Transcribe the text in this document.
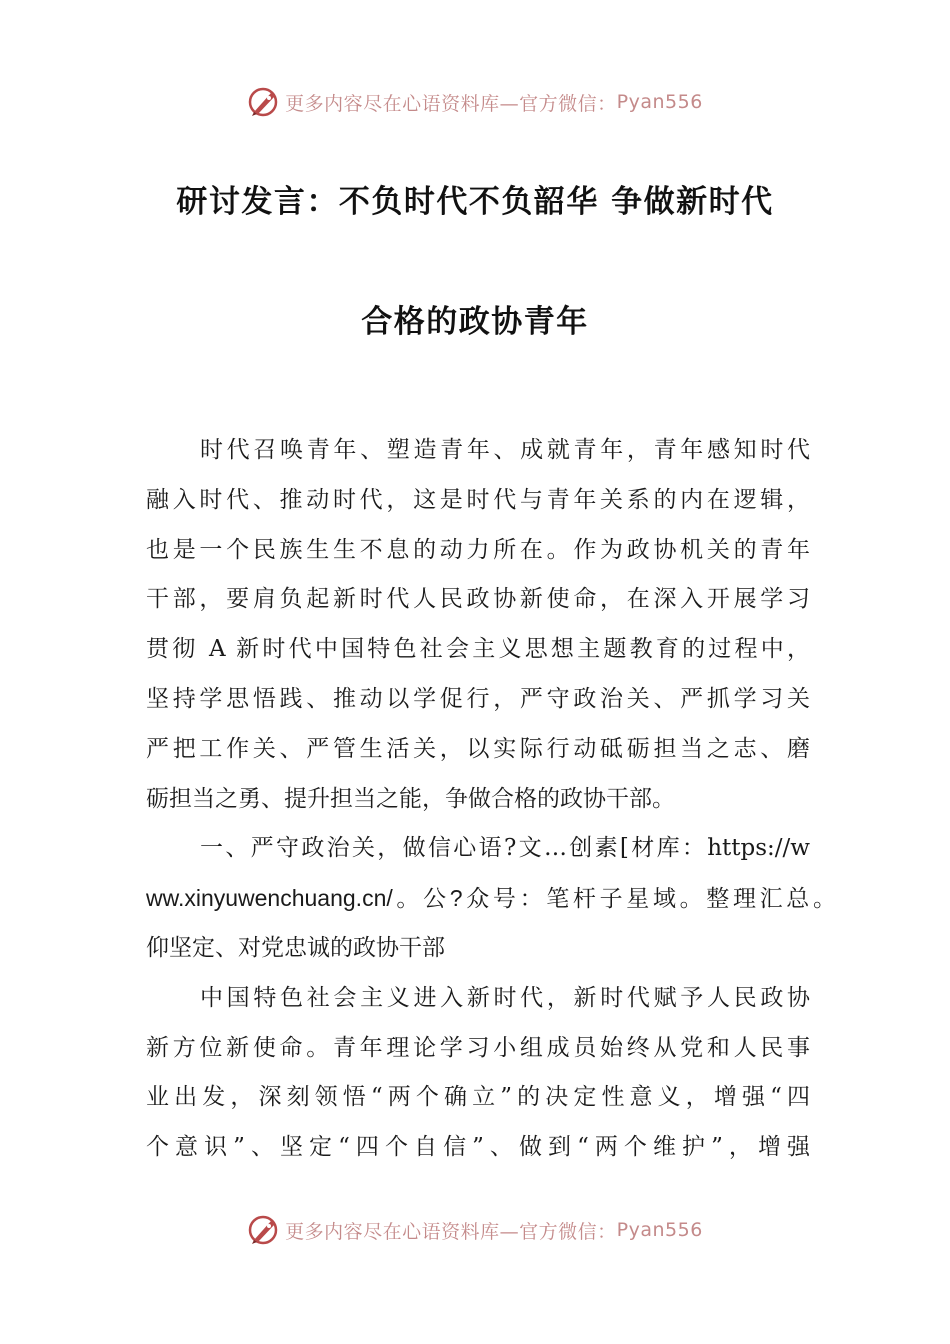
更多内容尽在心语资料库—官方微信： Pyan556
研讨发言：不负时代不负韶华 争做新时代
合格的政协青年
时代召唤青年、塑造青年、成就青年，青年感知时代
融入时代、推动时代，这是时代与青年关系的内在逻辑，
也是一个民族生生不息的动力所在。作为政协机关的青年
干部，要肩负起新时代人民政协新使命，在深入开展学习
贯彻 A 新时代中国特色社会主义思想主题教育的过程中，
坚持学思悟践、推动以学促行，严守政治关、严抓学习关
严把工作关、严管生活关，以实际行动砥砺担当之志、磨
砺担当之勇、提升担当之能，争做合格的政协干部。
一、严守政治关，做信心语?文…创素[材库：https://w
ww.xinyuwenchuang.cn/。公?众号：笔杆子星域。整理汇总。
仰坚定、对党忠诚的政协干部
中国特色社会主义进入新时代，新时代赋予人民政协
新方位新使命。青年理论学习小组成员始终从党和人民事
业出发，深刻领悟“两个确立”的决定性意义，增强“四
个意识”、坚定“四个自信”、做到“两个维护”，增强
更多内容尽在心语资料库—官方微信： Pyan556
